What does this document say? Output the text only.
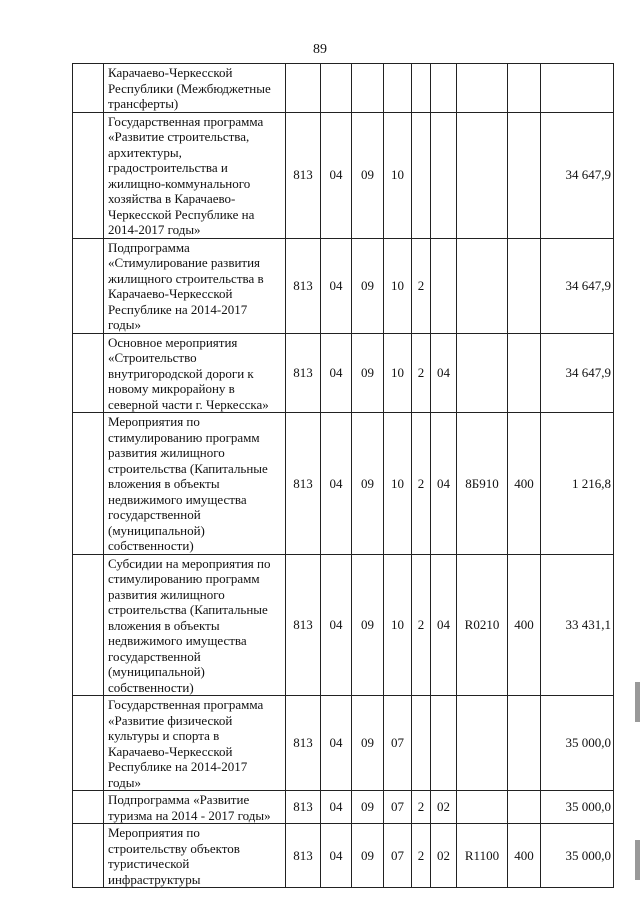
89
	Карачаево-Черкесской Республики (Межбюджетные трансферты)									
	Государственная программа «Развитие строительства, архитектуры, градостроительства и жилищно-коммунального хозяйства в Карачаево-Черкесской Республике на 2014-2017 годы»	813	04	09	10					34 647,9
	Подпрограмма «Стимулирование развития жилищного строительства в Карачаево-Черкесской Республике на 2014-2017 годы»	813	04	09	10	2				34 647,9
	Основное мероприятия «Строительство внутригородской дороги к новому микрорайону в северной части г. Черкесска»	813	04	09	10	2	04			34 647,9
	Мероприятия по стимулированию программ развития жилищного строительства (Капитальные вложения в объекты недвижимого имущества государственной (муниципальной) собственности)	813	04	09	10	2	04	8Б910	400	1 216,8
	Субсидии на мероприятия по стимулированию программ развития жилищного строительства (Капитальные вложения в объекты недвижимого имущества государственной (муниципальной) собственности)	813	04	09	10	2	04	R0210	400	33 431,1
	Государственная программа «Развитие физической культуры и спорта в Карачаево-Черкесской Республике на 2014-2017 годы»	813	04	09	07					35 000,0
	Подпрограмма «Развитие туризма на 2014 - 2017 годы»	813	04	09	07	2	02			35 000,0
	Мероприятия по строительству объектов туристической инфраструктуры	813	04	09	07	2	02	R1100	400	35 000,0
